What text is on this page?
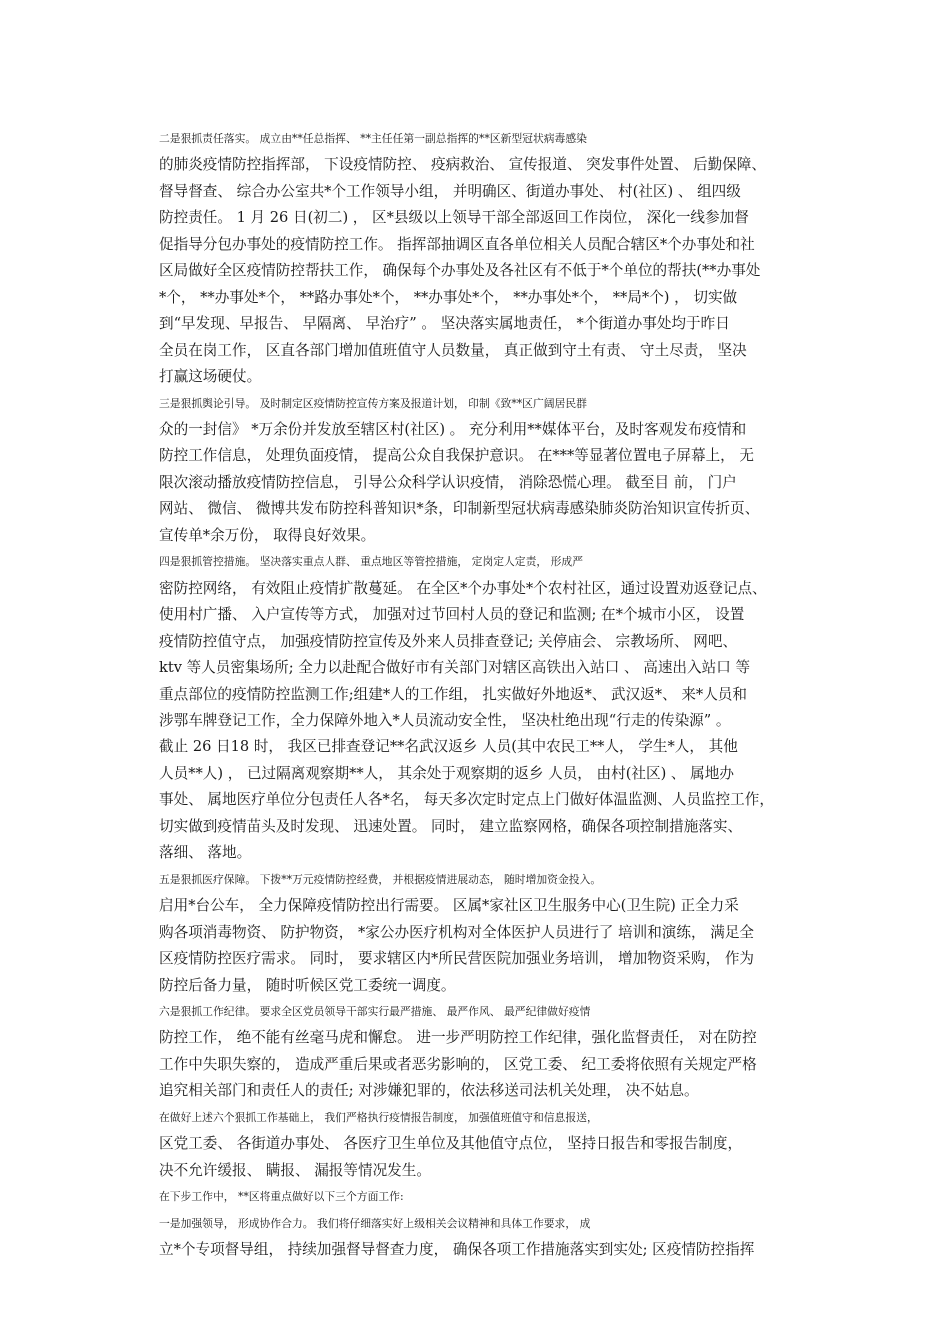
二是狠抓责任落实。 成立由**任总指挥、 **主任任第一副总指挥的**区新型冠状病毒感染
的肺炎疫情防控指挥部， 下设疫情防控、 疫病救治、 宣传报道、 突发事件处置、 后勤保障、
督导督查、 综合办公室共*个工作领导小组， 并明确区、街道办事处、 村(社区) 、 组四级
防控责任。 1 月 26 日(初二) ， 区*县级以上领导干部全部返回工作岗位， 深化一线参加督
促指导分包办事处的疫情防控工作。 指挥部抽调区直各单位相关人员配合辖区*个办事处和社
区局做好全区疫情防控帮扶工作， 确保每个办事处及各社区有不低于*个单位的帮扶(**办事处
*个， **办事处*个， **路办事处*个， **办事处*个， **办事处*个， **局*个) ， 切实做
到“早发现、早报告、 早隔离、 早治疗” 。 坚决落实属地责任， *个街道办事处均于昨日
全员在岗工作， 区直各部门增加值班值守人员数量， 真正做到守土有责、 守土尽责， 坚决
打赢这场硬仗。

三是狠抓舆论引导。 及时制定区疫情防控宣传方案及报道计划， 印制《致**区广阔居民群
众的一封信》 *万余份并发放至辖区村(社区) 。 充分利用**媒体平台，及时客观发布疫情和
防控工作信息， 处理负面疫情， 提高公众自我保护意识。 在***等显著位置电子屏幕上， 无
限次滚动播放疫情防控信息， 引导公众科学认识疫情， 消除恐慌心理。 截至目 前， 门户
网站、 微信、 微博共发布防控科普知识*条，印制新型冠状病毒感染肺炎防治知识宣传折页、
宣传单*余万份， 取得良好效果。

四是狠抓管控措施。 坚决落实重点人群、 重点地区等管控措施， 定岗定人定责， 形成严
密防控网络， 有效阻止疫情扩散蔓延。 在全区*个办事处*个农村社区，通过设置劝返登记点、
使用村广播、 入户宣传等方式， 加强对过节回村人员的登记和监测; 在*个城市小区， 设置
疫情防控值守点， 加强疫情防控宣传及外来人员排查登记; 关停庙会、 宗教场所、 网吧、
ktv 等人员密集场所; 全力以赴配合做好市有关部门对辖区高铁出入站口 、 高速出入站口 等
重点部位的疫情防控监测工作;组建*人的工作组， 扎实做好外地返*、 武汉返*、 来*人员和
涉鄂车牌登记工作，全力保障外地入*人员流动安全性， 坚决杜绝出现“行走的传染源” 。
截止 26 日18 时， 我区已排查登记**名武汉返乡 人员(其中农民工**人， 学生*人， 其他
人员**人) ， 已过隔离观察期**人， 其余处于观察期的返乡 人员， 由村(社区) 、 属地办
事处、 属地医疗单位分包责任人各*名， 每天多次定时定点上门做好体温监测、人员监控工作，
切实做到疫情苗头及时发现、 迅速处置。 同时， 建立监察网格，确保各项控制措施落实、
落细、 落地。

五是狠抓医疗保障。 下拨**万元疫情防控经费， 并根据疫情进展动态， 随时增加资金投入。
启用*台公车， 全力保障疫情防控出行需要。 区属*家社区卫生服务中心(卫生院) 正全力采
购各项消毒物资、 防护物资， *家公办医疗机构对全体医护人员进行了 培训和演练， 满足全
区疫情防控医疗需求。 同时， 要求辖区内*所民营医院加强业务培训， 增加物资采购， 作为
防控后备力量， 随时听候区党工委统一调度。

六是狠抓工作纪律。 要求全区党员领导干部实行最严措施、 最严作风、 最严纪律做好疫情
防控工作， 绝不能有丝毫马虎和懈怠。 进一步严明防控工作纪律，强化监督责任， 对在防控
工作中失职失察的， 造成严重后果或者恶劣影响的， 区党工委、 纪工委将依照有关规定严格
追究相关部门和责任人的责任; 对涉嫌犯罪的，依法移送司法机关处理， 决不姑息。

在做好上述六个狠抓工作基础上， 我们严格执行疫情报告制度， 加强值班值守和信息报送，
区党工委、 各街道办事处、 各医疗卫生单位及其他值守点位， 坚持日报告和零报告制度，
决不允许缓报、 瞒报、 漏报等情况发生。

在下步工作中， **区将重点做好以下三个方面工作:

一是加强领导， 形成协作合力。 我们将仔细落实好上级相关会议精神和具体工作要求， 成
立*个专项督导组， 持续加强督导督查力度， 确保各项工作措施落实到实处; 区疫情防控指挥
